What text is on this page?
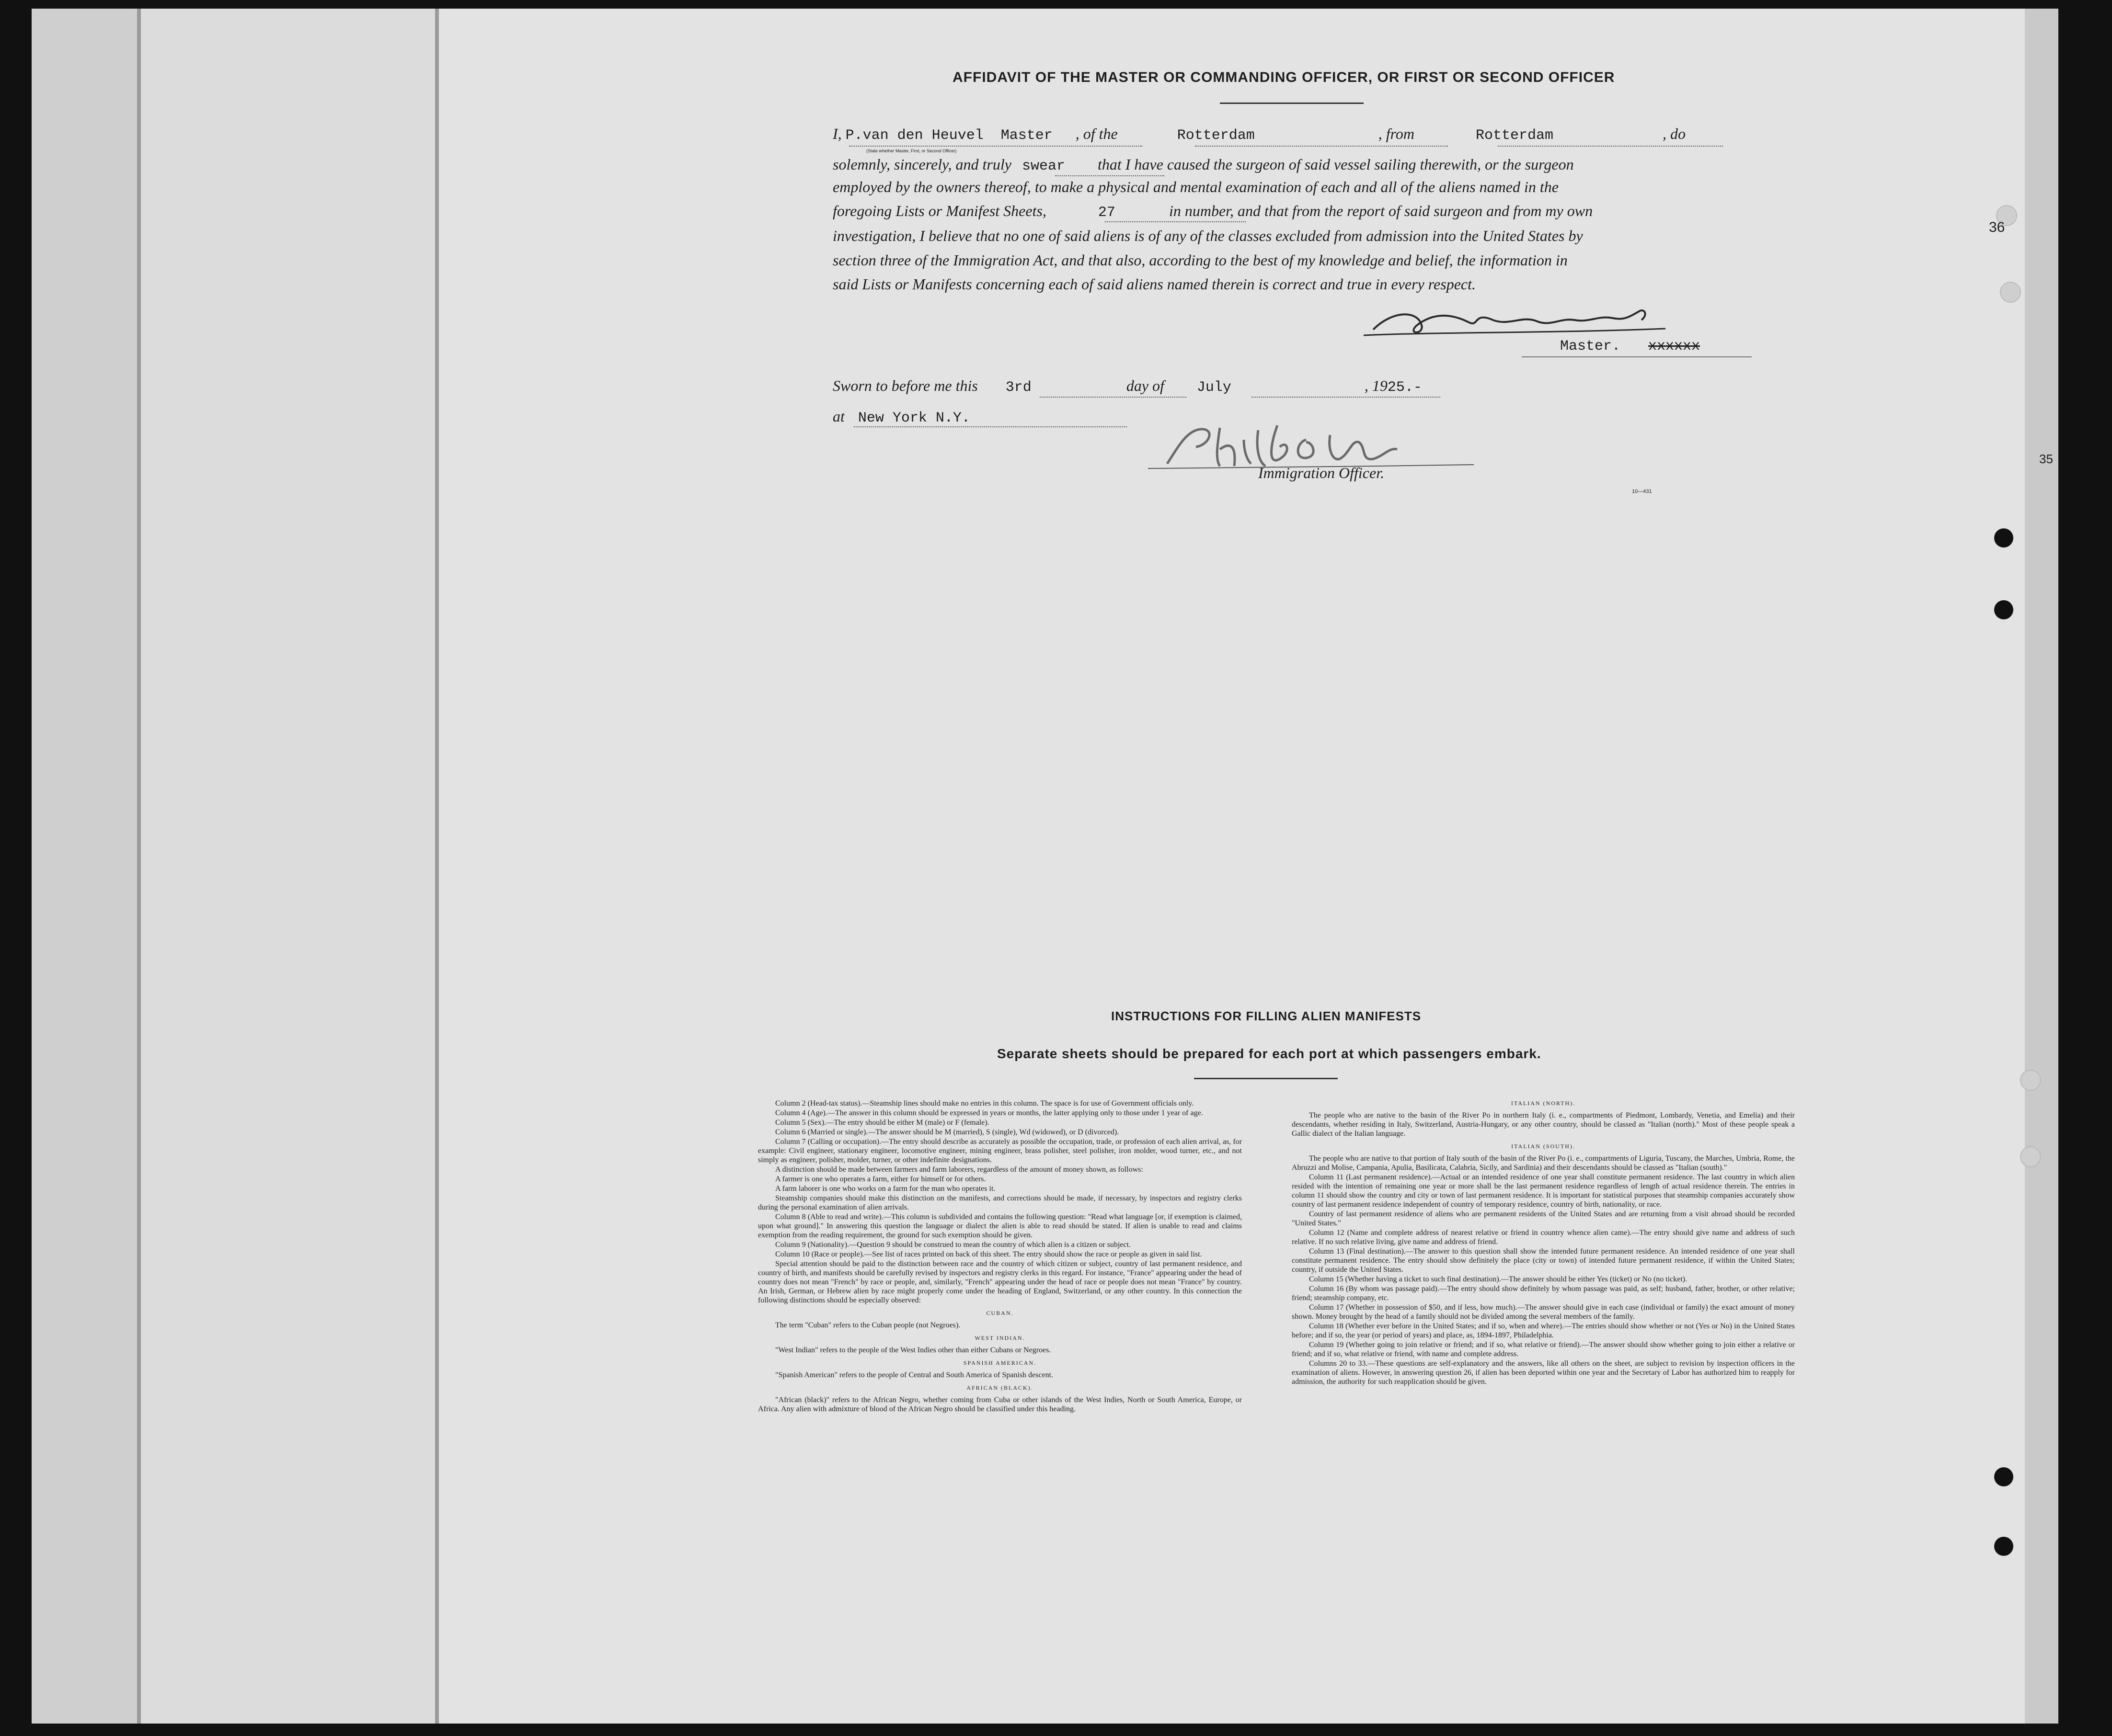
36
35
AFFIDAVIT OF THE MASTER OR COMMANDING OFFICER, OR FIRST OR SECOND OFFICER
I, P.van den Heuvel Master , of the	Rotterdam	, from	Rotterdam	, do
(State whether Master, First, or Second Officer)
solemnly, sincerely, and truly swear that I have caused the surgeon of said vessel sailing therewith, or the surgeon
employed by the owners thereof, to make a physical and mental examination of each and all of the aliens named in the
foregoing Lists or Manifest Sheets,	27	in number, and that from the report of said surgeon and from my own
investigation, I believe that no one of said aliens is of any of the classes excluded from admission into the United States by
section three of the Immigration Act, and that also, according to the best of my knowledge and belief, the information in
said Lists or Manifests concerning each of said aliens named therein is correct and true in every respect.
Master. xxxxxx
Sworn to before me this 3rd	day of July	, 1925.-
at New York N.Y.
Immigration Officer.
10—431
INSTRUCTIONS FOR FILLING ALIEN MANIFESTS
Separate sheets should be prepared for each port at which passengers embark.

Column 2 (Head-tax status).—Steamship lines should make no entries in this column. The space is for use of Government officials only.

Column 4 (Age).—The answer in this column should be expressed in years or months, the latter applying only to those under 1 year of age.

Column 5 (Sex).—The entry should be either M (male) or F (female).

Column 6 (Married or single).—The answer should be M (married), S (single), Wd (widowed), or D (divorced).

Column 7 (Calling or occupation).—The entry should describe as accurately as possible the occupation, trade, or profession of each alien arrival, as, for example: Civil engineer, stationary engineer, locomotive engineer, mining engineer, brass polisher, steel polisher, iron molder, wood turner, etc., and not simply as engineer, polisher, molder, turner, or other indefinite designations.

A distinction should be made between farmers and farm laborers, regardless of the amount of money shown, as follows:

A farmer is one who operates a farm, either for himself or for others.

A farm laborer is one who works on a farm for the man who operates it.

Steamship companies should make this distinction on the manifests, and corrections should be made, if necessary, by inspectors and registry clerks during the personal examination of alien arrivals.

Column 8 (Able to read and write).—This column is subdivided and contains the following question: "Read what language [or, if exemption is claimed, upon what ground]." In answering this question the language or dialect the alien is able to read should be stated. If alien is unable to read and claims exemption from the reading requirement, the ground for such exemption should be given.

Column 9 (Nationality).—Question 9 should be construed to mean the country of which alien is a citizen or subject.

Column 10 (Race or people).—See list of races printed on back of this sheet. The entry should show the race or people as given in said list.

Special attention should be paid to the distinction between race and the country of which citizen or subject, country of last permanent residence, and country of birth, and manifests should be carefully revised by inspectors and registry clerks in this regard. For instance, "France" appearing under the head of country does not mean "French" by race or people, and, similarly, "French" appearing under the head of race or people does not mean "France" by country. An Irish, German, or Hebrew alien by race might properly come under the heading of England, Switzerland, or any other country. In this connection the following distinctions should be especially observed:

CUBAN.

The term "Cuban" refers to the Cuban people (not Negroes).

WEST INDIAN.

"West Indian" refers to the people of the West Indies other than either Cubans or Negroes.

SPANISH AMERICAN.

"Spanish American" refers to the people of Central and South America of Spanish descent.

AFRICAN (BLACK).

"African (black)" refers to the African Negro, whether coming from Cuba or other islands of the West Indies, North or South America, Europe, or Africa. Any alien with admixture of blood of the African Negro should be classified under this heading.

ITALIAN (NORTH).

The people who are native to the basin of the River Po in northern Italy (i. e., compartments of Piedmont, Lombardy, Venetia, and Emelia) and their descendants, whether residing in Italy, Switzerland, Austria-Hungary, or any other country, should be classed as "Italian (north)." Most of these people speak a Gallic dialect of the Italian language.

ITALIAN (SOUTH).

The people who are native to that portion of Italy south of the basin of the River Po (i. e., compartments of Liguria, Tuscany, the Marches, Umbria, Rome, the Abruzzi and Molise, Campania, Apulia, Basilicata, Calabria, Sicily, and Sardinia) and their descendants should be classed as "Italian (south)."

Column 11 (Last permanent residence).—Actual or an intended residence of one year shall constitute permanent residence. The last country in which alien resided with the intention of remaining one year or more shall be the last permanent residence regardless of length of actual residence therein. The entries in column 11 should show the country and city or town of last permanent residence. It is important for statistical purposes that steamship companies accurately show country of last permanent residence independent of country of temporary residence, country of birth, nationality, or race.

Country of last permanent residence of aliens who are permanent residents of the United States and are returning from a visit abroad should be recorded "United States."

Column 12 (Name and complete address of nearest relative or friend in country whence alien came).—The entry should give name and address of such relative. If no such relative living, give name and address of friend.

Column 13 (Final destination).—The answer to this question shall show the intended future permanent residence. An intended residence of one year shall constitute permanent residence. The entry should show definitely the place (city or town) of intended future permanent residence, if within the United States; country, if outside the United States.

Column 15 (Whether having a ticket to such final destination).—The answer should be either Yes (ticket) or No (no ticket).

Column 16 (By whom was passage paid).—The entry should show definitely by whom passage was paid, as self; husband, father, brother, or other relative; friend; steamship company, etc.

Column 17 (Whether in possession of $50, and if less, how much).—The answer should give in each case (individual or family) the exact amount of money shown. Money brought by the head of a family should not be divided among the several members of the family.

Column 18 (Whether ever before in the United States; and if so, when and where).—The entries should show whether or not (Yes or No) in the United States before; and if so, the year (or period of years) and place, as, 1894-1897, Philadelphia.

Column 19 (Whether going to join relative or friend; and if so, what relative or friend).—The answer should show whether going to join either a relative or friend; and if so, what relative or friend, with name and complete address.

Columns 20 to 33.—These questions are self-explanatory and the answers, like all others on the sheet, are subject to revision by inspection officers in the examination of aliens. However, in answering question 26, if alien has been deported within one year and the Secretary of Labor has authorized him to reapply for admission, the authority for such reapplication should be given.
